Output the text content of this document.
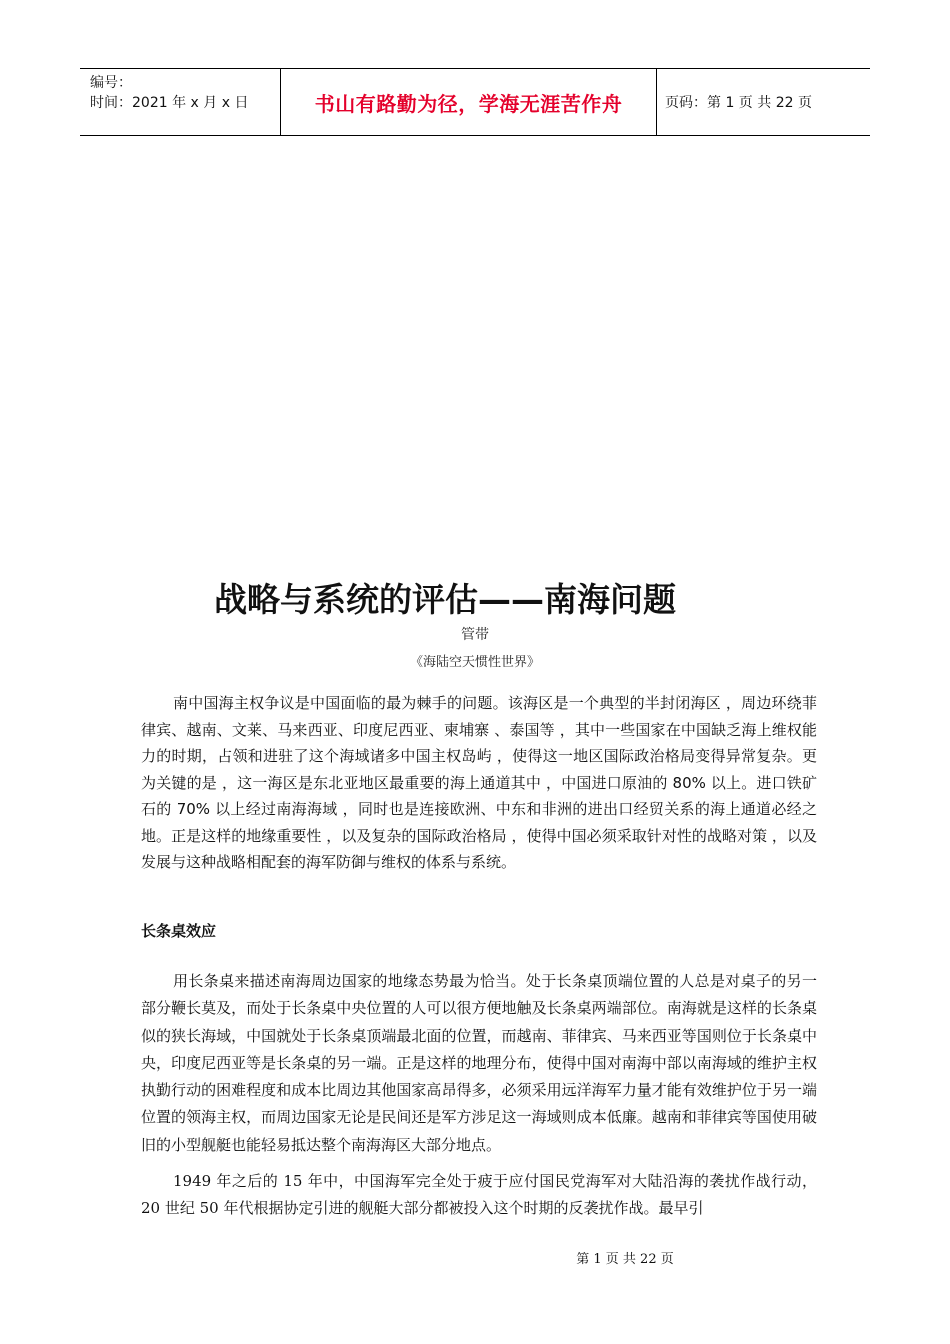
编号：
时间：2021 年 x 月 x 日	书山有路勤为径，学海无涯苦作舟	页码：第 1 页 共 22 页
战略与系统的评估——南海问题
管带
《海陆空天惯性世界》

南中国海主权争议是中国面临的最为棘手的问题。该海区是一个典型的半封闭海区 ，周边环绕菲律宾、越南、文莱、马来西亚、印度尼西亚、柬埔寨 、泰国等 ，其中一些国家在中国缺乏海上维权能力的时期，占领和进驻了这个海域诸多中国主权岛屿 ，使得这一地区国际政治格局变得异常复杂。更为关键的是 ，这一海区是东北亚地区最重要的海上通道其中 ，中国进口原油的 80% 以上。进口铁矿石的 70% 以上经过南海海域 ，同时也是连接欧洲、中东和非洲的进出口经贸关系的海上通道必经之地。正是这样的地缘重要性 ，以及复杂的国际政治格局 ，使得中国必须采取针对性的战略对策 ，以及发展与这种战略相配套的海军防御与维权的体系与系统。

长条桌效应

用长条桌来描述南海周边国家的地缘态势最为恰当。处于长条桌顶端位置的人总是对桌子的另一部分鞭长莫及，而处于长条桌中央位置的人可以很方便地触及长条桌两端部位。南海就是这样的长条桌似的狭长海域，中国就处于长条桌顶端最北面的位置，而越南、菲律宾、马来西亚等国则位于长条桌中央，印度尼西亚等是长条桌的另一端。正是这样的地理分布，使得中国对南海中部以南海域的维护主权执勤行动的困难程度和成本比周边其他国家高昂得多，必须采用远洋海军力量才能有效维护位于另一端位置的领海主权，而周边国家无论是民间还是军方涉足这一海域则成本低廉。越南和菲律宾等国使用破旧的小型舰艇也能轻易抵达整个南海海区大部分地点。

1949 年之后的 15 年中，中国海军完全处于疲于应付国民党海军对大陆沿海的袭扰作战行动，20 世纪 50 年代根据协定引进的舰艇大部分都被投入这个时期的反袭扰作战。最早引

第 1 页 共 22 页
